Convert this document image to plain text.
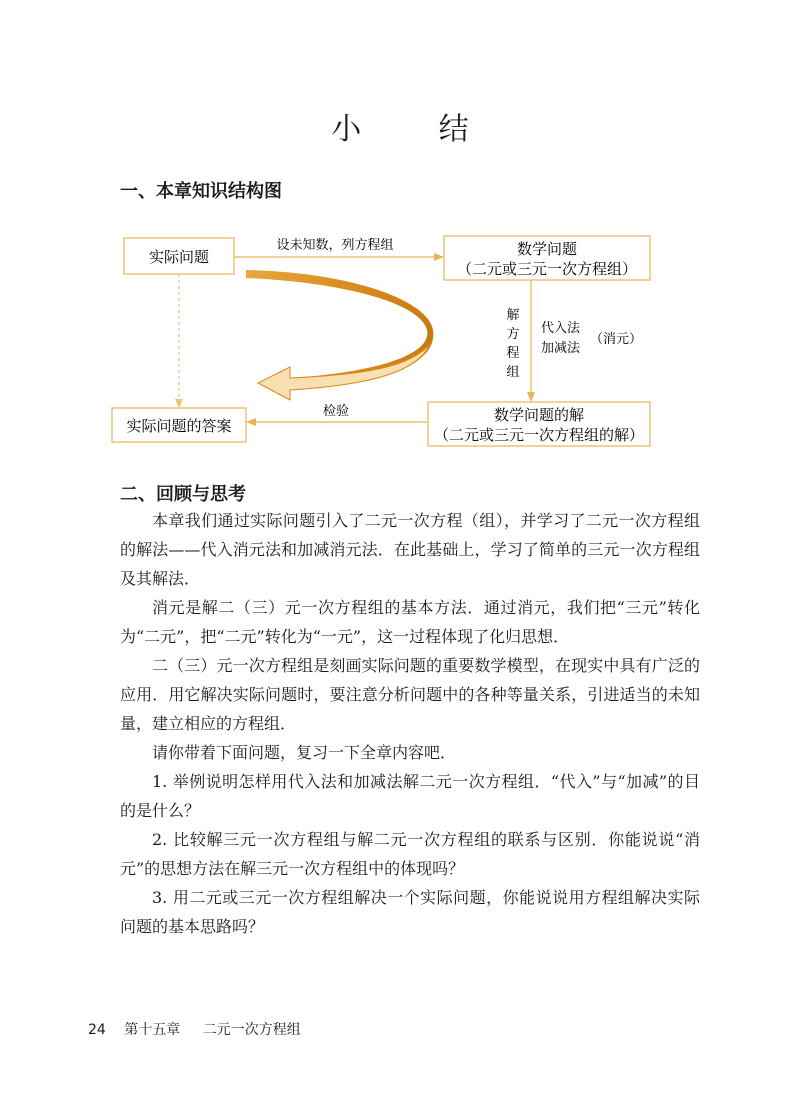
小 结
一、本章知识结构图
实际问题	数学问题
（二元或三元一次方程组）
数学问题的解
（二元或三元一次方程组的解）
实际问题的答案
设未知数，列方程组
解
方
程
组
代入法
加减法
（消元）
检验
二、回顾与思考

本章我们通过实际问题引入了二元一次方程（组），并学习了二元一次方程组的解法——代入消元法和加减消元法．在此基础上，学习了简单的三元一次方程组及其解法．

消元是解二（三）元一次方程组的基本方法．通过消元，我们把“三元”转化为“二元”，把“二元”转化为“一元”，这一过程体现了化归思想．

二（三）元一次方程组是刻画实际问题的重要数学模型，在现实中具有广泛的应用．用它解决实际问题时，要注意分析问题中的各种等量关系，引进适当的未知量，建立相应的方程组．

请你带着下面问题，复习一下全章内容吧．

1. 举例说明怎样用代入法和加减法解二元一次方程组．“代入”与“加减”的目的是什么？

2. 比较解三元一次方程组与解二元一次方程组的联系与区别．你能说说“消元”的思想方法在解三元一次方程组中的体现吗？

3. 用二元或三元一次方程组解决一个实际问题，你能说说用方程组解决实际问题的基本思路吗？

24 第十五章 二元一次方程组
